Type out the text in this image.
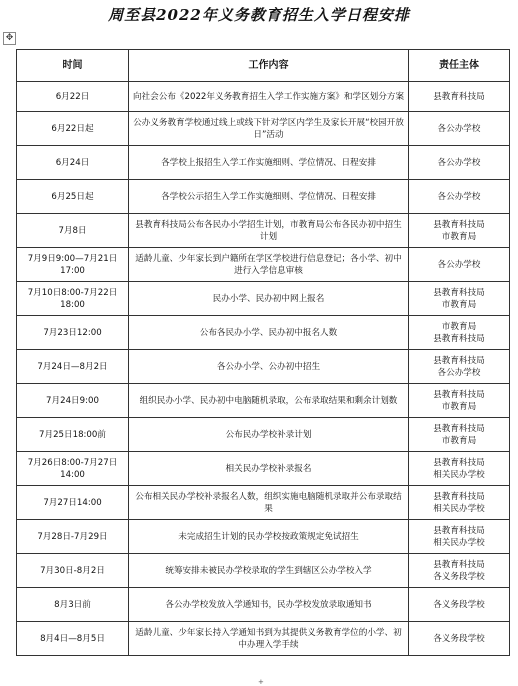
周至县2022年义务教育招生入学日程安排
✥
时间	工作内容	责任主体
6月22日	向社会公布《2022年义务教育招生入学工作实施方案》和学区划分方案	县教育科技局

6月22日起	公办义务教育学校通过线上或线下针对学区内学生及家长开展“校园开放日”活动	各公办学校

6月24日	各学校上报招生入学工作实施细则、学位情况、日程安排	各公办学校

6月25日起	各学校公示招生入学工作实施细则、学位情况、日程安排	各公办学校

7月8日	县教育科技局公布各民办小学招生计划，市教育局公布各民办初中招生计划	县教育科技局
市教育局

7月9日9:00—7月21日17:00	适龄儿童、少年家长到户籍所在学区学校进行信息登记；各小学、初中进行入学信息审核	各公办学校

7月10日8:00-7月22日18:00	民办小学、民办初中网上报名	县教育科技局
市教育局

7月23日12:00	公布各民办小学、民办初中报名人数	市教育局
县教育科技局

7月24日—8月2日	各公办小学、公办初中招生	县教育科技局
各公办学校

7月24日9:00	组织民办小学、民办初中电脑随机录取，公布录取结果和剩余计划数	县教育科技局
市教育局

7月25日18:00前	公布民办学校补录计划	县教育科技局
市教育局

7月26日8:00-7月27日14:00	相关民办学校补录报名	县教育科技局
相关民办学校

7月27日14:00	公布相关民办学校补录报名人数，组织实施电脑随机录取并公布录取结果	县教育科技局
相关民办学校

7月28日-7月29日	未完成招生计划的民办学校按政策规定免试招生	县教育科技局
相关民办学校

7月30日-8月2日	统筹安排未被民办学校录取的学生到辖区公办学校入学	县教育科技局
各义务段学校

8月3日前	各公办学校发放入学通知书，民办学校发放录取通知书	各义务段学校

8月4日—8月5日	适龄儿童、少年家长持入学通知书到为其提供义务教育学位的小学、初中办理入学手续	各义务段学校
+
